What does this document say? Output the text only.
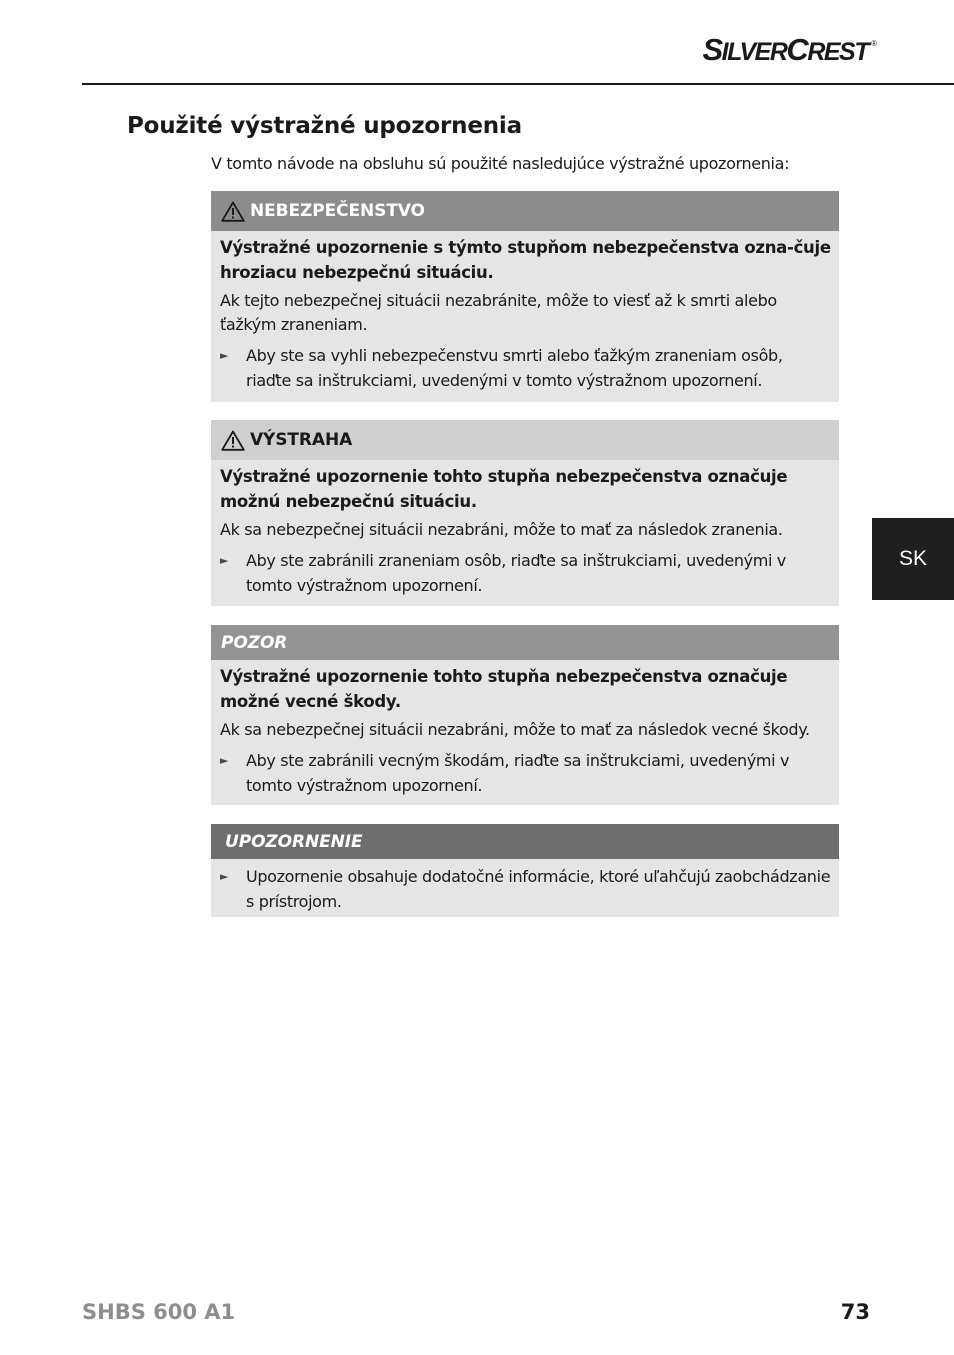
SILVERCREST ®
Použité výstražné upozornenia

V tomto návode na obsluhu sú použité nasledujúce výstražné upozornenia:

NEBEZPEČENSTVO

Výstražné upozornenie s týmto stupňom nebezpečenstva ozna-čuje hroziacu nebezpečnú situáciu.

Ak tejto nebezpečnej situácii nezabránite, môže to viesť až k smrti alebo ťažkým zraneniam.

►	Aby ste sa vyhli nebezpečenstvu smrti alebo ťažkým zraneniam osôb, riaďte sa inštrukciami, uvedenými v tomto výstražnom upozornení.
VÝSTRAHA

Výstražné upozornenie tohto stupňa nebezpečenstva označuje možnú nebezpečnú situáciu.

Ak sa nebezpečnej situácii nezabráni, môže to mať za následok zranenia.

►	Aby ste zabránili zraneniam osôb, riaďte sa inštrukciami, uvedenými v tomto výstražnom upozornení.
POZOR

Výstražné upozornenie tohto stupňa nebezpečenstva označuje možné vecné škody.

Ak sa nebezpečnej situácii nezabráni, môže to mať za následok vecné škody.

►	Aby ste zabránili vecným škodám, riaďte sa inštrukciami, uvedenými v tomto výstražnom upozornení.
UPOZORNENIE
►	Upozornenie obsahuje dodatočné informácie, ktoré uľahčujú zaobchádzanie s prístrojom.
SK
SHBS 600 A1	73
